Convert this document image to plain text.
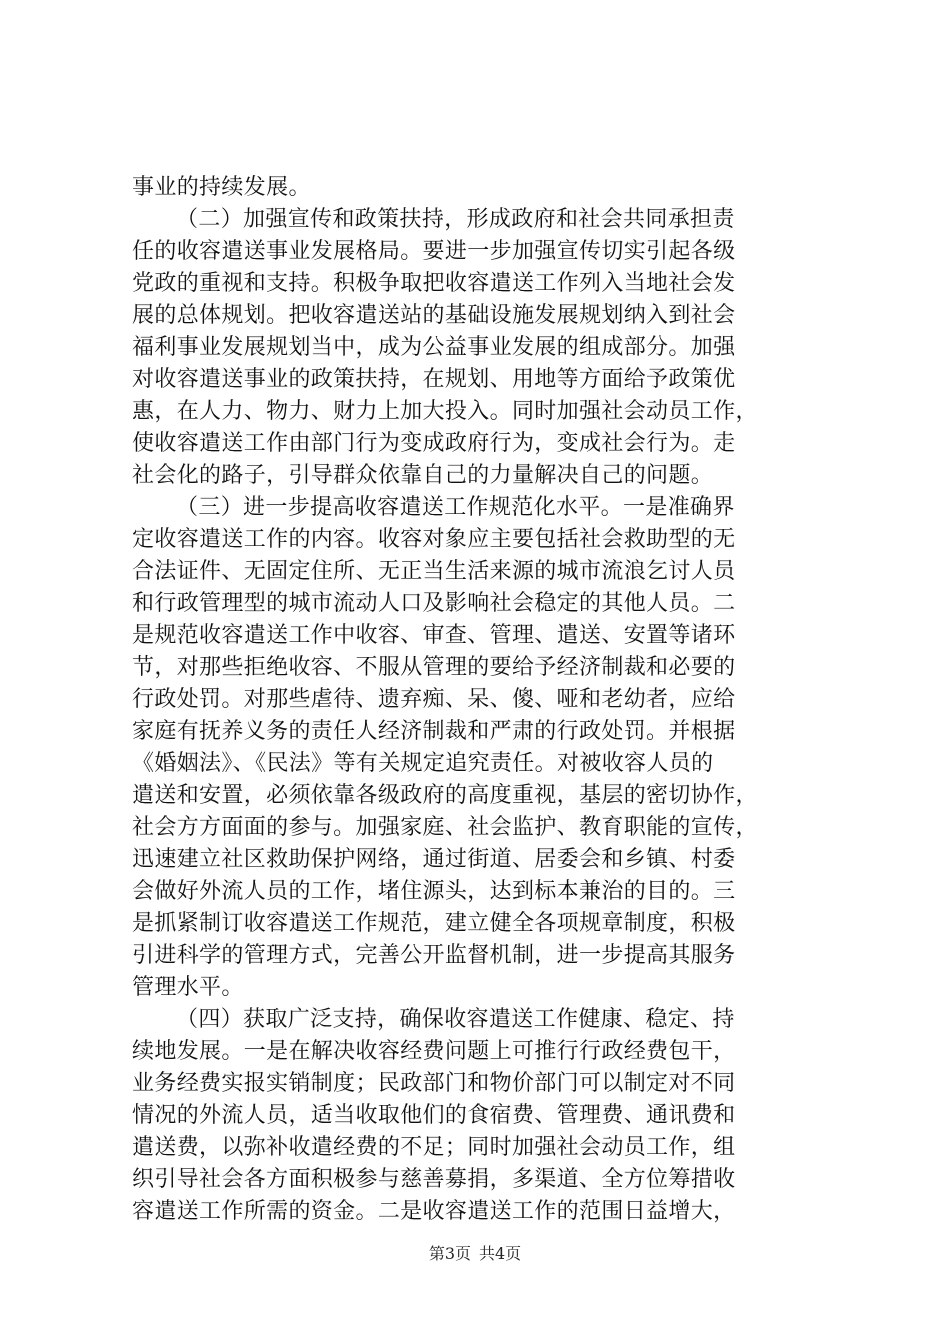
事业的持续发展。
（二）加强宣传和政策扶持，形成政府和社会共同承担责
任的收容遣送事业发展格局。要进一步加强宣传切实引起各级
党政的重视和支持。积极争取把收容遣送工作列入当地社会发
展的总体规划。把收容遣送站的基础设施发展规划纳入到社会
福利事业发展规划当中，成为公益事业发展的组成部分。加强
对收容遣送事业的政策扶持，在规划、用地等方面给予政策优
惠，在人力、物力、财力上加大投入。同时加强社会动员工作，
使收容遣送工作由部门行为变成政府行为，变成社会行为。走
社会化的路子，引导群众依靠自己的力量解决自己的问题。
（三）进一步提高收容遣送工作规范化水平。一是准确界
定收容遣送工作的内容。收容对象应主要包括社会救助型的无
合法证件、无固定住所、无正当生活来源的城市流浪乞讨人员
和行政管理型的城市流动人口及影响社会稳定的其他人员。二
是规范收容遣送工作中收容、审查、管理、遣送、安置等诸环
节，对那些拒绝收容、不服从管理的要给予经济制裁和必要的
行政处罚。对那些虐待、遗弃痴、呆、傻、哑和老幼者，应给
家庭有抚养义务的责任人经济制裁和严肃的行政处罚。并根据
《婚姻法》、《民法》等有关规定追究责任。对被收容人员的
遣送和安置，必须依靠各级政府的高度重视，基层的密切协作，
社会方方面面的参与。加强家庭、社会监护、教育职能的宣传，
迅速建立社区救助保护网络，通过街道、居委会和乡镇、村委
会做好外流人员的工作，堵住源头，达到标本兼治的目的。三
是抓紧制订收容遣送工作规范，建立健全各项规章制度，积极
引进科学的管理方式，完善公开监督机制，进一步提高其服务
管理水平。
（四）获取广泛支持，确保收容遣送工作健康、稳定、持
续地发展。一是在解决收容经费问题上可推行行政经费包干，
业务经费实报实销制度；民政部门和物价部门可以制定对不同
情况的外流人员，适当收取他们的食宿费、管理费、通讯费和
遣送费，以弥补收遣经费的不足；同时加强社会动员工作，组
织引导社会各方面积极参与慈善募捐，多渠道、全方位筹措收
容遣送工作所需的资金。二是收容遣送工作的范围日益增大，
第3页 共4页
